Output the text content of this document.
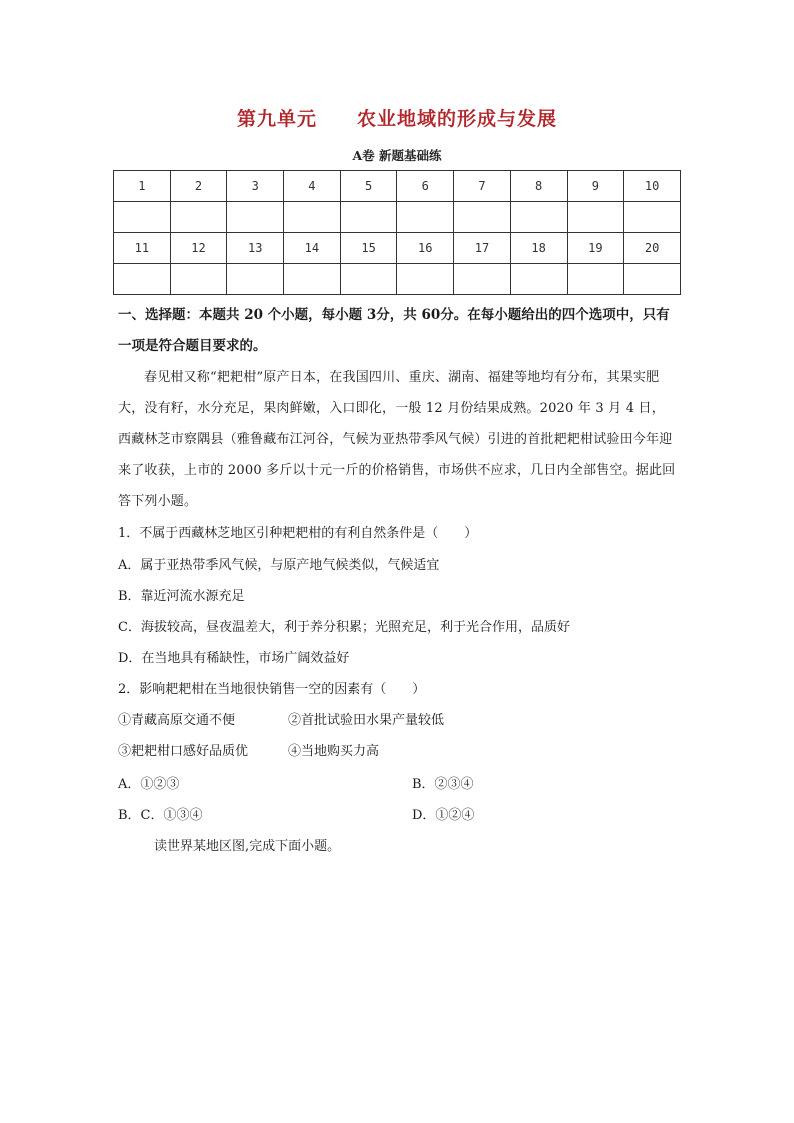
第九单元 农业地域的形成与发展
A卷 新题基础练
1	2	3	4	5	6	7	8	9	10

11	12	13	14	15	16	17	18	19	20

一、选择题：本题共 20 个小题，每小题 3分，共 60分。在每小题给出的四个选项中，只有一项是符合题目要求的。
春见柑又称“耙耙柑”原产日本，在我国四川、重庆、湖南、福建等地均有分布，其果实肥大，没有籽，水分充足，果肉鲜嫩，入口即化，一般 12 月份结果成熟。2020 年 3 月 4 日，西藏林芝市察隅县（雅鲁藏布江河谷，气候为亚热带季风气候）引进的首批耙耙柑试验田今年迎来了收获，上市的 2000 多斤以十元一斤的价格销售，市场供不应求，几日内全部售空。据此回答下列小题。
1．不属于西藏林芝地区引种耙耙柑的有利自然条件是（　　）
A．属于亚热带季风气候，与原产地气候类似，气候适宜
B．靠近河流水源充足
C．海拔较高，昼夜温差大，利于养分积累；光照充足，利于光合作用，品质好
D．在当地具有稀缺性，市场广阔效益好
2．影响耙耙柑在当地很快销售一空的因素有（　　）
①青藏高原交通不便	②首批试验田水果产量较低
③耙耙柑口感好品质优	④当地购买力高
A．①②③	B．②③④
B．C．①③④	D．①②④
读世界某地区图,完成下面小题。
